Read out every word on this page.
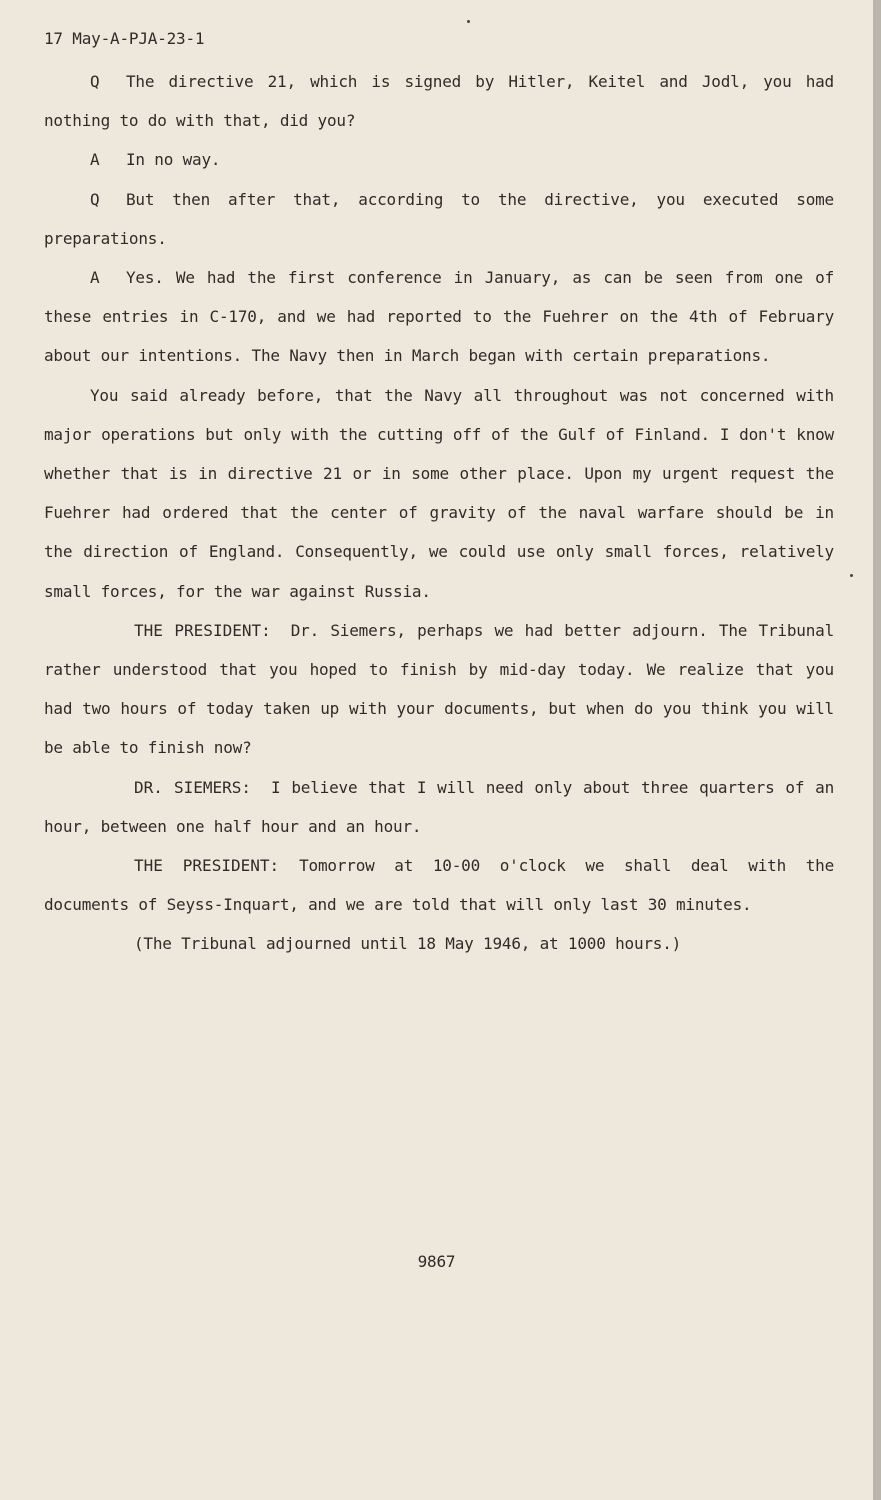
17 May-A-PJA-23-1

Q The directive 21, which is signed by Hitler, Keitel and Jodl, you had nothing to do with that, did you?

A In no way.

Q But then after that, according to the directive, you executed some preparations.

A Yes. We had the first conference in January, as can be seen from one of these entries in C-170, and we had reported to the Fuehrer on the 4th of February about our intentions. The Navy then in March began with certain preparations.

You said already before, that the Navy all throughout was not concerned with major operations but only with the cutting off of the Gulf of Finland. I don't know whether that is in directive 21 or in some other place. Upon my urgent request the Fuehrer had ordered that the center of gravity of the naval warfare should be in the direction of England. Consequently, we could use only small forces, relatively small forces, for the war against Russia.

THE PRESIDENT: Dr. Siemers, perhaps we had better adjourn. The Tribunal rather understood that you hoped to finish by mid-day today. We realize that you had two hours of today taken up with your documents, but when do you think you will be able to finish now?

DR. SIEMERS: I believe that I will need only about three quarters of an hour, between one half hour and an hour.

THE PRESIDENT: Tomorrow at 10-00 o'clock we shall deal with the documents of Seyss-Inquart, and we are told that will only last 30 minutes.

(The Tribunal adjourned until 18 May 1946, at 1000 hours.)

9867
